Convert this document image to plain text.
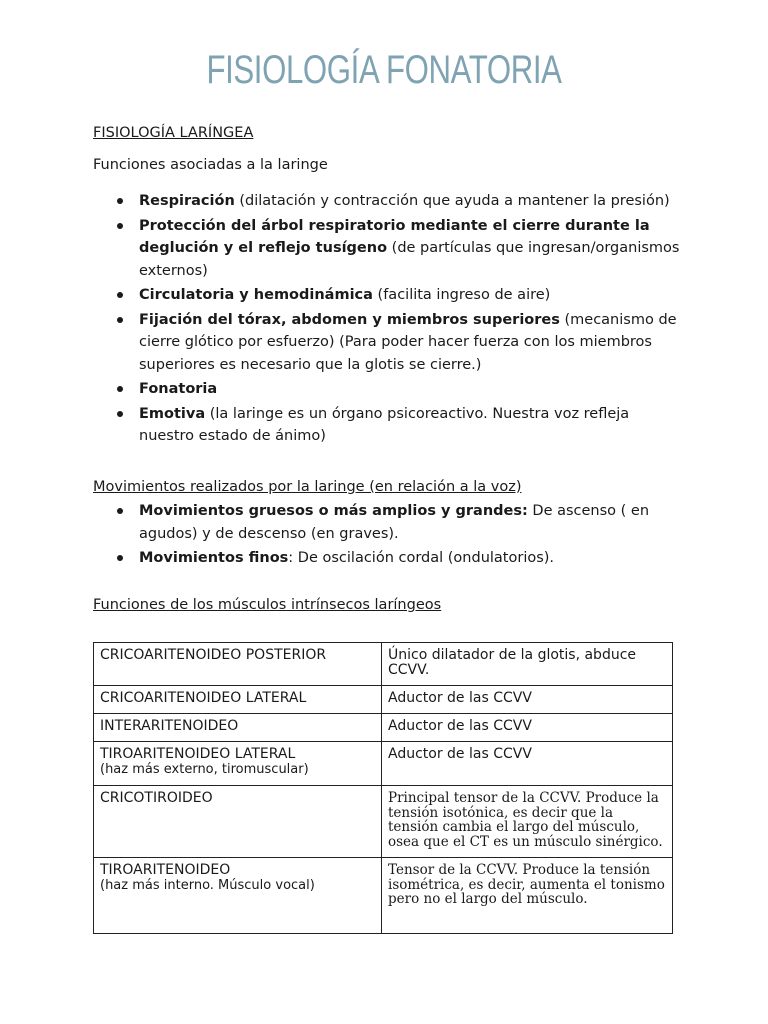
FISIOLOGÍA FONATORIA
FISIOLOGÍA LARÍNGEA
Funciones asociadas a la laringe
Respiración (dilatación y contracción que ayuda a mantener la presión)
Protección del árbol respiratorio mediante el cierre durante la deglución y el reflejo tusígeno (de partículas que ingresan/organismos externos)
Circulatoria y hemodinámica (facilita ingreso de aire)
Fijación del tórax, abdomen y miembros superiores (mecanismo de cierre glótico por esfuerzo) (Para poder hacer fuerza con los miembros superiores es necesario que la glotis se cierre.)
Fonatoria
Emotiva (la laringe es un órgano psicoreactivo. Nuestra voz refleja nuestro estado de ánimo)
Movimientos realizados por la laringe (en relación a la voz)
Movimientos gruesos o más amplios y grandes: De ascenso ( en agudos) y de descenso (en graves).
Movimientos finos: De oscilación cordal (ondulatorios).
Funciones de los músculos intrínsecos laríngeos
CRICOARITENOIDEO POSTERIOR	Único dilatador de la glotis, abduce CCVV.
CRICOARITENOIDEO LATERAL	Aductor de las CCVV
INTERARITENOIDEO	Aductor de las CCVV
TIROARITENOIDEO LATERAL
(haz más externo, tiromuscular)	Aductor de las CCVV
CRICOTIROIDEO	Principal tensor de la CCVV. Produce la tensión isotónica, es decir que la tensión cambia el largo del músculo, osea que el CT es un músculo sinérgico.
TIROARITENOIDEO
(haz más interno. Músculo vocal)	Tensor de la CCVV. Produce la tensión isométrica, es decir, aumenta el tonismo pero no el largo del músculo.
